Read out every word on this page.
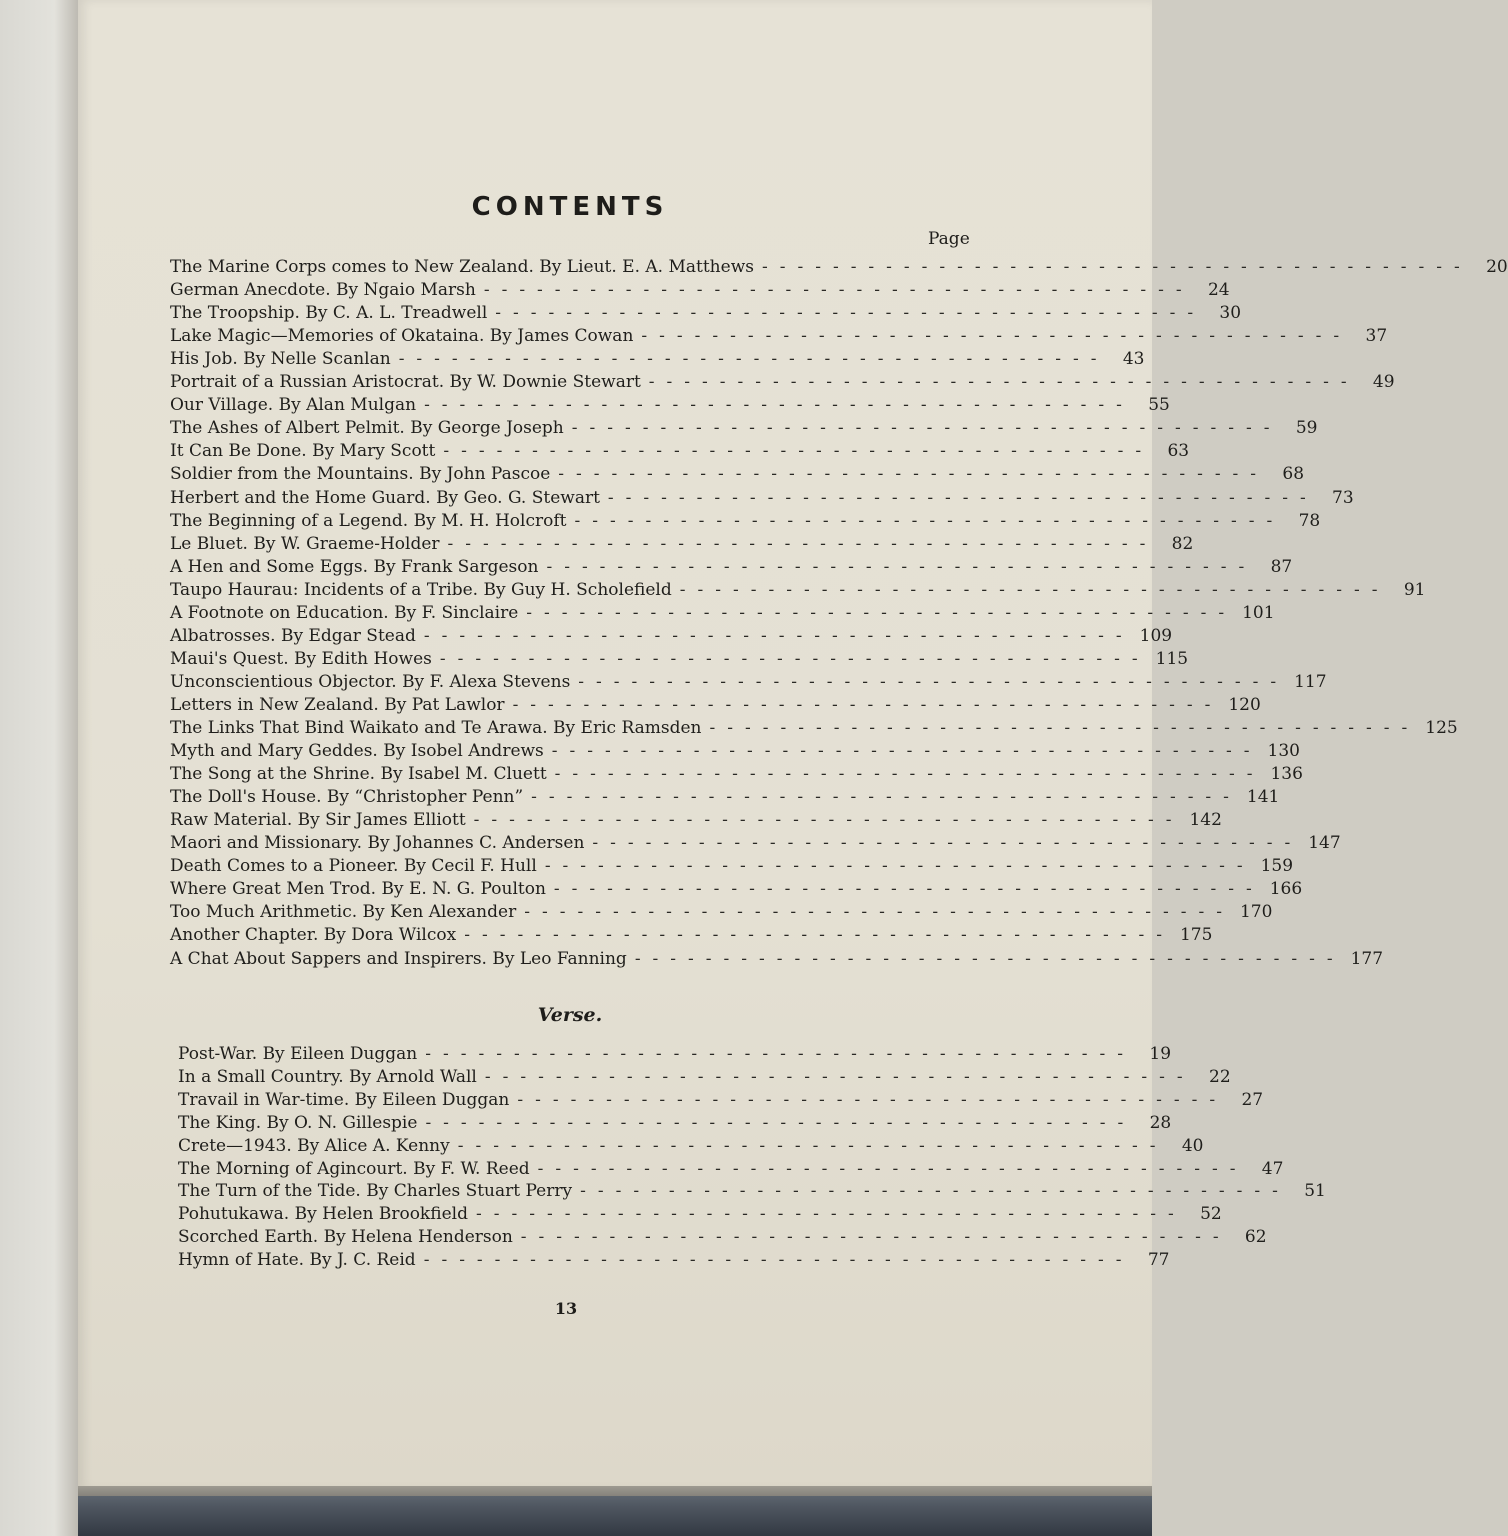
CONTENTS
Page
The Marine Corps comes to New Zealand. By Lieut. E. A. Matthews ---------------------------------------- 20
German Anecdote. By Ngaio Marsh ---------------------------------------- 24
The Troopship. By C. A. L. Treadwell ---------------------------------------- 30
Lake Magic—Memories of Okataina. By James Cowan ---------------------------------------- 37
His Job. By Nelle Scanlan ---------------------------------------- 43
Portrait of a Russian Aristocrat. By W. Downie Stewart ---------------------------------------- 49
Our Village. By Alan Mulgan ---------------------------------------- 55
The Ashes of Albert Pelmit. By George Joseph ---------------------------------------- 59
It Can Be Done. By Mary Scott ---------------------------------------- 63
Soldier from the Mountains. By John Pascoe ---------------------------------------- 68
Herbert and the Home Guard. By Geo. G. Stewart ---------------------------------------- 73
The Beginning of a Legend. By M. H. Holcroft ---------------------------------------- 78
Le Bluet. By W. Graeme-Holder ---------------------------------------- 82
A Hen and Some Eggs. By Frank Sargeson ---------------------------------------- 87
Taupo Haurau: Incidents of a Tribe. By Guy H. Scholefield ---------------------------------------- 91
A Footnote on Education. By F. Sinclaire ---------------------------------------- 101
Albatrosses. By Edgar Stead ---------------------------------------- 109
Maui's Quest. By Edith Howes ---------------------------------------- 115
Unconscientious Objector. By F. Alexa Stevens ---------------------------------------- 117
Letters in New Zealand. By Pat Lawlor ---------------------------------------- 120
The Links That Bind Waikato and Te Arawa. By Eric Ramsden ---------------------------------------- 125
Myth and Mary Geddes. By Isobel Andrews ---------------------------------------- 130
The Song at the Shrine. By Isabel M. Cluett ---------------------------------------- 136
The Doll's House. By “Christopher Penn” ---------------------------------------- 141
Raw Material. By Sir James Elliott ---------------------------------------- 142
Maori and Missionary. By Johannes C. Andersen ---------------------------------------- 147
Death Comes to a Pioneer. By Cecil F. Hull ---------------------------------------- 159
Where Great Men Trod. By E. N. G. Poulton ---------------------------------------- 166
Too Much Arithmetic. By Ken Alexander ---------------------------------------- 170
Another Chapter. By Dora Wilcox ---------------------------------------- 175
A Chat About Sappers and Inspirers. By Leo Fanning ---------------------------------------- 177
Verse.
Post-War. By Eileen Duggan ---------------------------------------- 19
In a Small Country. By Arnold Wall ---------------------------------------- 22
Travail in War-time. By Eileen Duggan ---------------------------------------- 27
The King. By O. N. Gillespie ---------------------------------------- 28
Crete—1943. By Alice A. Kenny ---------------------------------------- 40
The Morning of Agincourt. By F. W. Reed ---------------------------------------- 47
The Turn of the Tide. By Charles Stuart Perry ---------------------------------------- 51
Pohutukawa. By Helen Brookfield ---------------------------------------- 52
Scorched Earth. By Helena Henderson ---------------------------------------- 62
Hymn of Hate. By J. C. Reid ---------------------------------------- 77
13
